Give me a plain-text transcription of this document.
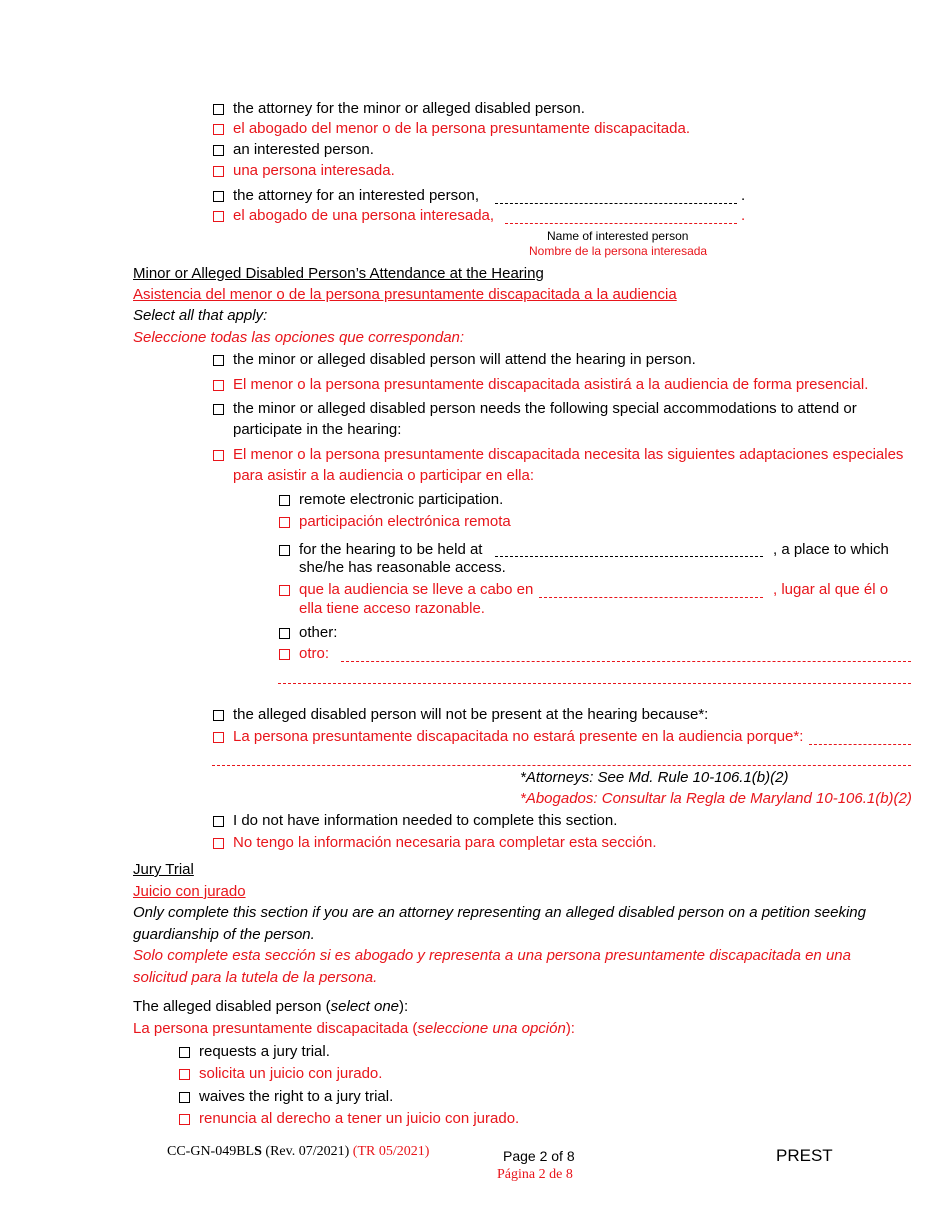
the attorney for the minor or alleged disabled person.
el abogado del menor o de la persona presuntamente discapacitada.
an interested person.
una persona interesada.
the attorney for an interested person,	.
el abogado de una persona interesada,	.
Name of interested person
Nombre de la persona interesada
Minor or Alleged Disabled Person’s Attendance at the Hearing
Asistencia del menor o de la persona presuntamente discapacitada a la audiencia
Select all that apply:
Seleccione todas las opciones que correspondan:
the minor or alleged disabled person will attend the hearing in person.
El menor o la persona presuntamente discapacitada asistirá a la audiencia de forma presencial.
the minor or alleged disabled person needs the following special accommodations to attend or
participate in the hearing:
El menor o la persona presuntamente discapacitada necesita las siguientes adaptaciones especiales
para asistir a la audiencia o participar en ella:
remote electronic participation.
participación electrónica remota
for the hearing to be held at	, a place to which
she/he has reasonable access.
que la audiencia se lleve a cabo en	, lugar al que él o
ella tiene acceso razonable.
other:
otro:
the alleged disabled person will not be present at the hearing because*:
La persona presuntamente discapacitada no estará presente en la audiencia porque*:
*Attorneys: See Md. Rule 10-106.1(b)(2)
*Abogados: Consultar la Regla de Maryland 10-106.1(b)(2)
I do not have information needed to complete this section.
No tengo la información necesaria para completar esta sección.
Jury Trial
Juicio con jurado
Only complete this section if you are an attorney representing an alleged disabled person on a petition seeking
guardianship of the person.
Solo complete esta sección si es abogado y representa a una persona presuntamente discapacitada en una
solicitud para la tutela de la persona.
The alleged disabled person (select one):
La persona presuntamente discapacitada (seleccione una opción):
requests a jury trial.
solicita un juicio con jurado.
waives the right to a jury trial.
renuncia al derecho a tener un juicio con jurado.
CC-GN-049BLS (Rev. 07/2021) (TR 05/2021)	Page 2 of 8
Página 2 de 8
PREST
